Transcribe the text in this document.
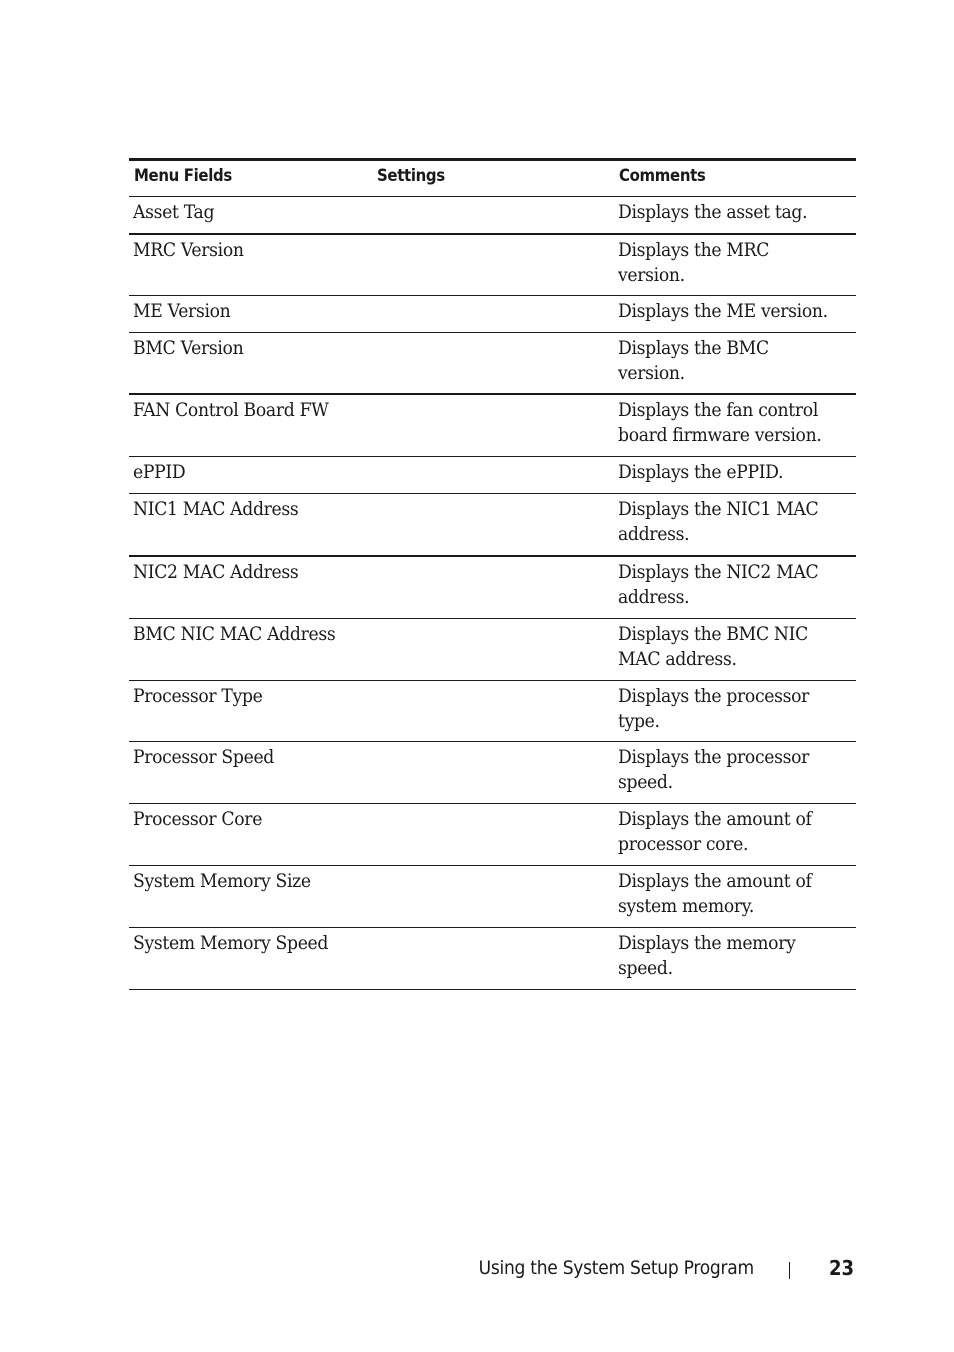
Menu Fields	Settings	Comments
Asset Tag		Displays the asset tag.
MRC Version		Displays the MRC version.
ME Version		Displays the ME version.
BMC Version		Displays the BMC version.
FAN Control Board FW		Displays the fan control
board firmware version.
ePPID		Displays the ePPID.
NIC1 MAC Address		Displays the NIC1 MAC
address.
NIC2 MAC Address		Displays the NIC2 MAC
address.
BMC NIC MAC Address		Displays the BMC NIC
MAC address.
Processor Type		Displays the processor type.
Processor Speed		Displays the processor
speed.
Processor Core		Displays the amount of
processor core.
System Memory Size		Displays the amount of
system memory.
System Memory Speed		Displays the memory
speed.
Using the System Setup Program	23
